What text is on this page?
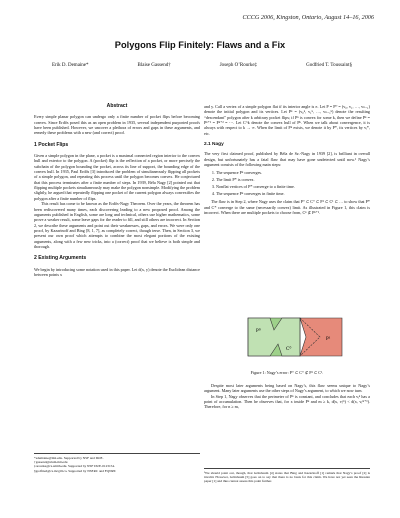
CCCG 2006, Kingston, Ontario, August 14–16, 2006
Polygons Flip Finitely: Flaws and a Fix
Erik D. Demaine*	Blaise Gassend†	Joseph O’Rourke‡	Godfried T. Toussaint§
Abstract

Every simple planar polygon can undergo only a finite number of pocket flips before becoming convex. Since Erdős posed this as an open problem in 1935, several independent purported proofs have been published. However, we uncover a plethora of errors and gaps in these arguments, and remedy these problems with a new (and correct) proof.

1 Pocket Flips

Given a simple polygon in the plane, a pocket is a maximal connected region interior to the convex hull and exterior to the polygon. A (pocket) flip is the reflection of a pocket, or more precisely the subchain of the polygon bounding the pocket, across its line of support, the bounding edge of the convex hull. In 1935, Paul Erdős [3] introduced the problem of simultaneously flipping all pockets of a simple polygon, and repeating this process until the polygon becomes convex. He conjectured that this process terminates after a finite number of steps. In 1939, Béla Nagy [2] pointed out that flipping multiple pockets simultaneously may make the polygon nonsimple. Modifying the problem slightly, he argued that repeatedly flipping one pocket of the current polygon always convexifies the polygon after a finite number of flips.

This result has come to be known as the Erdős-Nagy Theorem. Over the years, the theorem has been rediscovered many times, each discovering leading to a new proposed proof. Among the arguments published in English, some are long and technical, others use higher mathematics, some prove a weaker result, some leave gaps for the reader to fill, and still others are incorrect. In Section 2, we describe these arguments and point out their weaknesses, gaps, and errors. We were only one proof, by Kazarinoff and Bing [8, 1, 7], as completely correct, though terse. Then, in Section 3, we present our own proof which attempts to combine the most elegant portions of the existing arguments, along with a few new tricks, into a (correct) proof that we believe is both simple and thorough.

2 Existing Arguments

We begin by introducing some notation used in this paper. Let d(x, y) denote the Euclidean distance between points x

*edemaine@mit.edu. Supported by NSF and DOE.
†gassend@alum.mit.edu
‡orourke@cs.smith.edu. Supported by NSF DUE-0123154.
§godfried@cs.mcgill.ca. Supported by NSERC and FQNRT.

and y. Call a vertex of a simple polygon flat if its interior angle is π. Let P = P⁰ = (v₀, v₁, …, vₙ₋₁) denote the initial polygon and its vertices. Let Pᵏ = (v₀ᵏ, v₁ᵏ, …, vₙ₋₁ᵏ) denote the resulting “descendant” polygon after k arbitrary pocket flips; if Pᵏ is convex for some k, then we define Pᵏ = Pᵏ⁺¹ = Pᵏ⁺² = ⋯. Let C^k denote the convex hull of Pᵏ. When we talk about convergence, it is always with respect to k → ∞. When the limit of Pᵏ exists, we denote it by P*, its vertices by vᵢ*, etc.

2.1 Nagy

The very first claimed proof, published by Béla de Sz.-Nagy in 1939 [2], is brilliant in overall design, but unfortunately has a fatal flaw that may have gone undetected until now.¹ Nagy’s argument consists of the following main steps:

1. The sequence Pᵏ converges.
2. The limit P* is convex.
3. Nonflat vertices of P* converge to a finite time.
4. The sequence Pᵏ converges in finite time.

The flaw is in Step 2, where Nagy uses the claim that P⁰ ⊂ C⁰ ⊂ P¹ ⊂ C¹ ⊂ … to show that P* and C* converge to the same (necessarily convex) limit. As illustrated in Figure 1, this claim is incorrect. When there are multiple pockets to choose from, Cᵏ ⊄ Pᵏ⁺¹.

P⁰
C⁰
P¹
Figure 1: Nagy’s error: P⁰ ⊂ C⁰ ⊄ P¹ ⊂ C¹.

Despite most later arguments being based on Nagy’s, this flaw seems unique to Nagy’s argument. Many later arguments use the other steps of Nagy’s argument, to which we now turn.

In Step 1, Nagy observes that the perimeter of Pᵏ is constant, and concludes that each vᵢᵏ has a point of accumulation. Then he observes that, for x inside Pᵏ and m ≥ k, d(x, vᵢᵐ) < d(x, vᵢᵐ⁺¹). Therefore, for n ≥ m,

¹We should point out, though, that Grünbaum [4] states that Bing and Kazarinoff [1] remark that Nagy’s proof [2] is invalid. However, Grünbaum [5] goes on to say that there is no basis for this claim. We have not yet seen the Russian paper [1] and thus cannot assess this point further.
